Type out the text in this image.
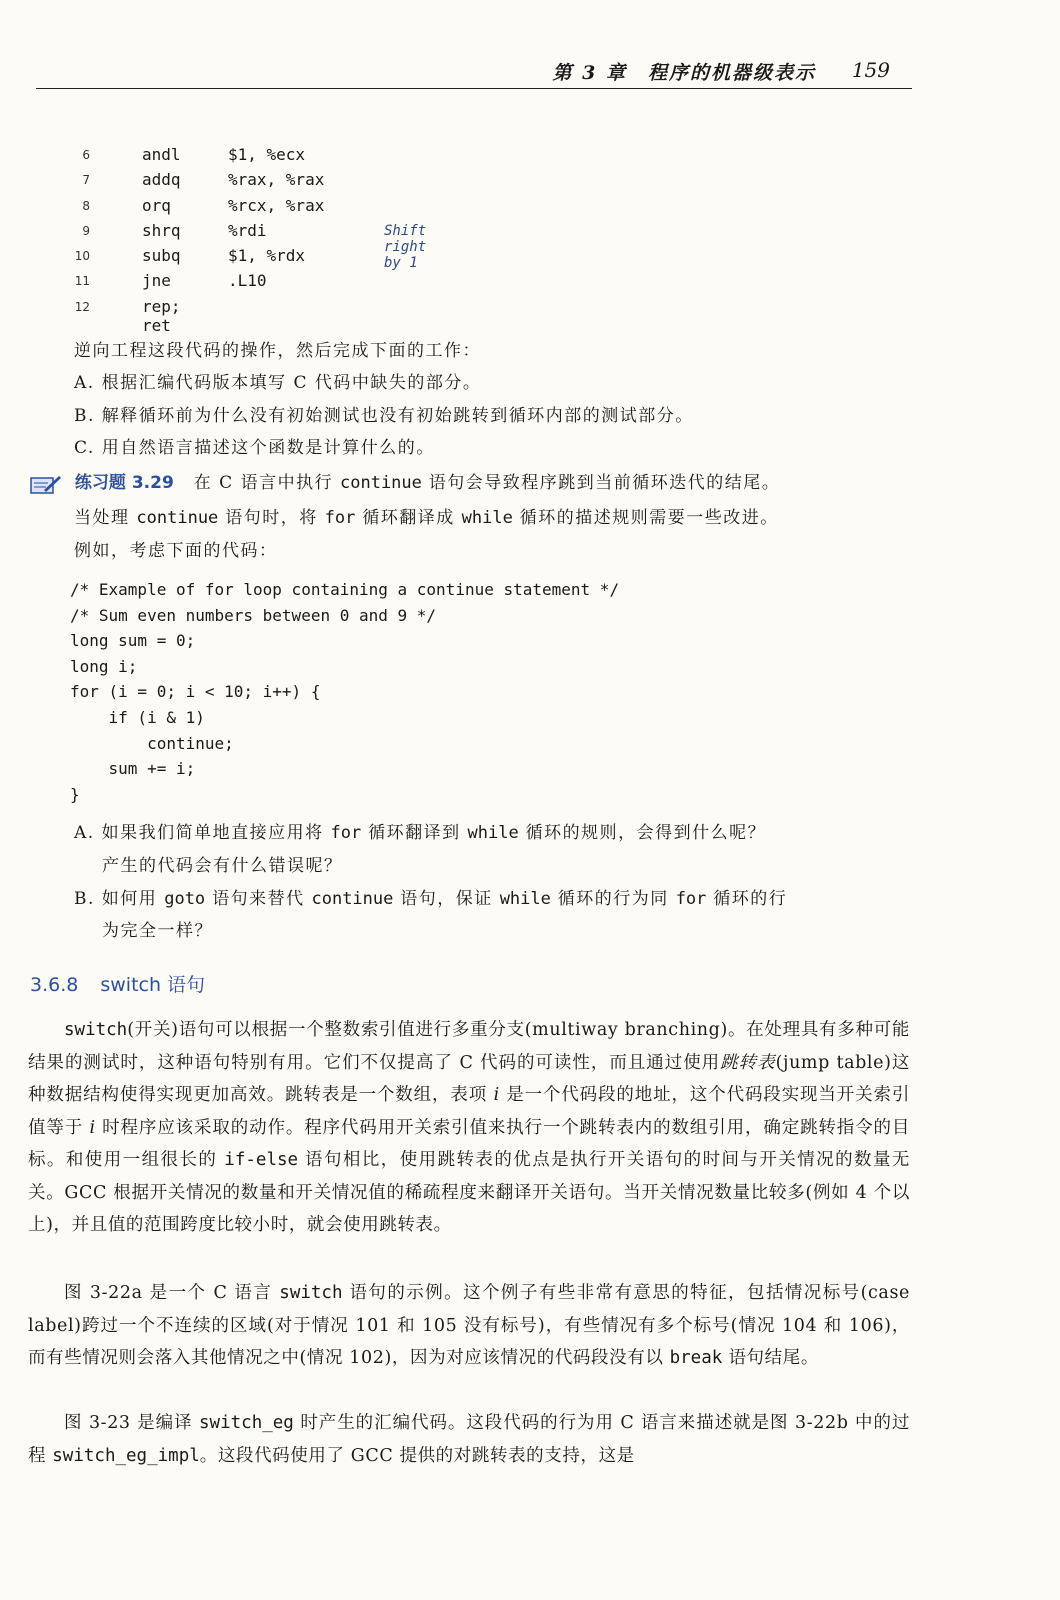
第 3 章　程序的机器级表示 159
6	andl	$1, %ecx
7	addq	%rax, %rax
8	orq	%rcx, %rax
9	shrq	%rdi	Shift right by 1
10	subq	$1, %rdx
11	jne	.L10
12	rep; ret
逆向工程这段代码的操作，然后完成下面的工作：
A. 根据汇编代码版本填写 C 代码中缺失的部分。
B. 解释循环前为什么没有初始测试也没有初始跳转到循环内部的测试部分。
C. 用自然语言描述这个函数是计算什么的。
练习题 3.29 在 C 语言中执行 continue 语句会导致程序跳到当前循环迭代的结尾。
当处理 continue 语句时，将 for 循环翻译成 while 循环的描述规则需要一些改进。
例如，考虑下面的代码：
/* Example of for loop containing a continue statement */
/* Sum even numbers between 0 and 9 */
long sum = 0;
long i;
for (i = 0; i < 10; i++) {
if (i & 1)
continue;
sum += i;
}
A. 如果我们简单地直接应用将 for 循环翻译到 while 循环的规则，会得到什么呢？
产生的代码会有什么错误呢？
B. 如何用 goto 语句来替代 continue 语句，保证 while 循环的行为同 for 循环的行
为完全一样？
3.6.8 switch 语句

switch(开关)语句可以根据一个整数索引值进行多重分支(multiway branching)。在处理具有多种可能结果的测试时，这种语句特别有用。它们不仅提高了 C 代码的可读性，而且通过使用跳转表(jump table)这种数据结构使得实现更加高效。跳转表是一个数组，表项 i 是一个代码段的地址，这个代码段实现当开关索引值等于 i 时程序应该采取的动作。程序代码用开关索引值来执行一个跳转表内的数组引用，确定跳转指令的目标。和使用一组很长的 if-else 语句相比，使用跳转表的优点是执行开关语句的时间与开关情况的数量无关。GCC 根据开关情况的数量和开关情况值的稀疏程度来翻译开关语句。当开关情况数量比较多(例如 4 个以上)，并且值的范围跨度比较小时，就会使用跳转表。

图 3-22a 是一个 C 语言 switch 语句的示例。这个例子有些非常有意思的特征，包括情况标号(case label)跨过一个不连续的区域(对于情况 101 和 105 没有标号)，有些情况有多个标号(情况 104 和 106)，而有些情况则会落入其他情况之中(情况 102)，因为对应该情况的代码段没有以 break 语句结尾。

图 3-23 是编译 switch_eg 时产生的汇编代码。这段代码的行为用 C 语言来描述就是图 3-22b 中的过程 switch_eg_impl。这段代码使用了 GCC 提供的对跳转表的支持，这是
